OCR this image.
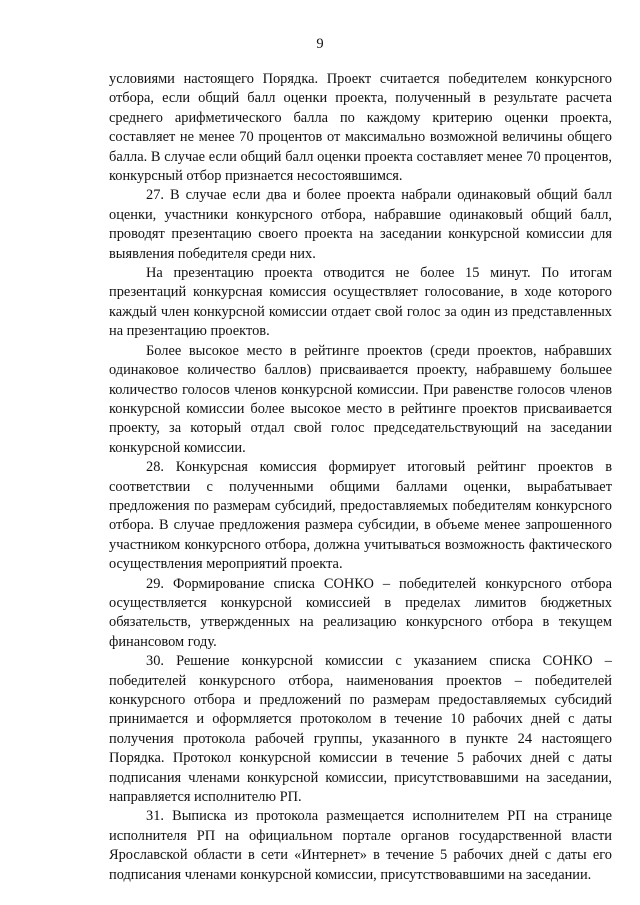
9

условиями настоящего Порядка. Проект считается победителем конкурсного отбора, если общий балл оценки проекта, полученный в результате расчета среднего арифметического балла по каждому критерию оценки проекта, составляет не менее 70 процентов от максимально возможной величины общего балла. В случае если общий балл оценки проекта составляет менее 70 процентов, конкурсный отбор признается несостоявшимся.

27. В случае если два и более проекта набрали одинаковый общий балл оценки, участники конкурсного отбора, набравшие одинаковый общий балл, проводят презентацию своего проекта на заседании конкурсной комиссии для выявления победителя среди них.

На презентацию проекта отводится не более 15 минут. По итогам презентаций конкурсная комиссия осуществляет голосование, в ходе которого каждый член конкурсной комиссии отдает свой голос за один из представленных на презентацию проектов.

Более высокое место в рейтинге проектов (среди проектов, набравших одинаковое количество баллов) присваивается проекту, набравшему большее количество голосов членов конкурсной комиссии. При равенстве голосов членов конкурсной комиссии более высокое место в рейтинге проектов присваивается проекту, за который отдал свой голос председательствующий на заседании конкурсной комиссии.

28. Конкурсная комиссия формирует итоговый рейтинг проектов в соответствии с полученными общими баллами оценки, вырабатывает предложения по размерам субсидий, предоставляемых победителям конкурсного отбора. В случае предложения размера субсидии, в объеме менее запрошенного участником конкурсного отбора, должна учитываться возможность фактического осуществления мероприятий проекта.

29. Формирование списка СОНКО – победителей конкурсного отбора осуществляется конкурсной комиссией в пределах лимитов бюджетных обязательств, утвержденных на реализацию конкурсного отбора в текущем финансовом году.

30. Решение конкурсной комиссии с указанием списка СОНКО – победителей конкурсного отбора, наименования проектов – победителей конкурсного отбора и предложений по размерам предоставляемых субсидий принимается и оформляется протоколом в течение 10 рабочих дней с даты получения протокола рабочей группы, указанного в пункте 24 настоящего Порядка. Протокол конкурсной комиссии в течение 5 рабочих дней с даты подписания членами конкурсной комиссии, присутствовавшими на заседании, направляется исполнителю РП.

31. Выписка из протокола размещается исполнителем РП на странице исполнителя РП на официальном портале органов государственной власти Ярославской области в сети «Интернет» в течение 5 рабочих дней с даты его подписания членами конкурсной комиссии, присутствовавшими на заседании.
